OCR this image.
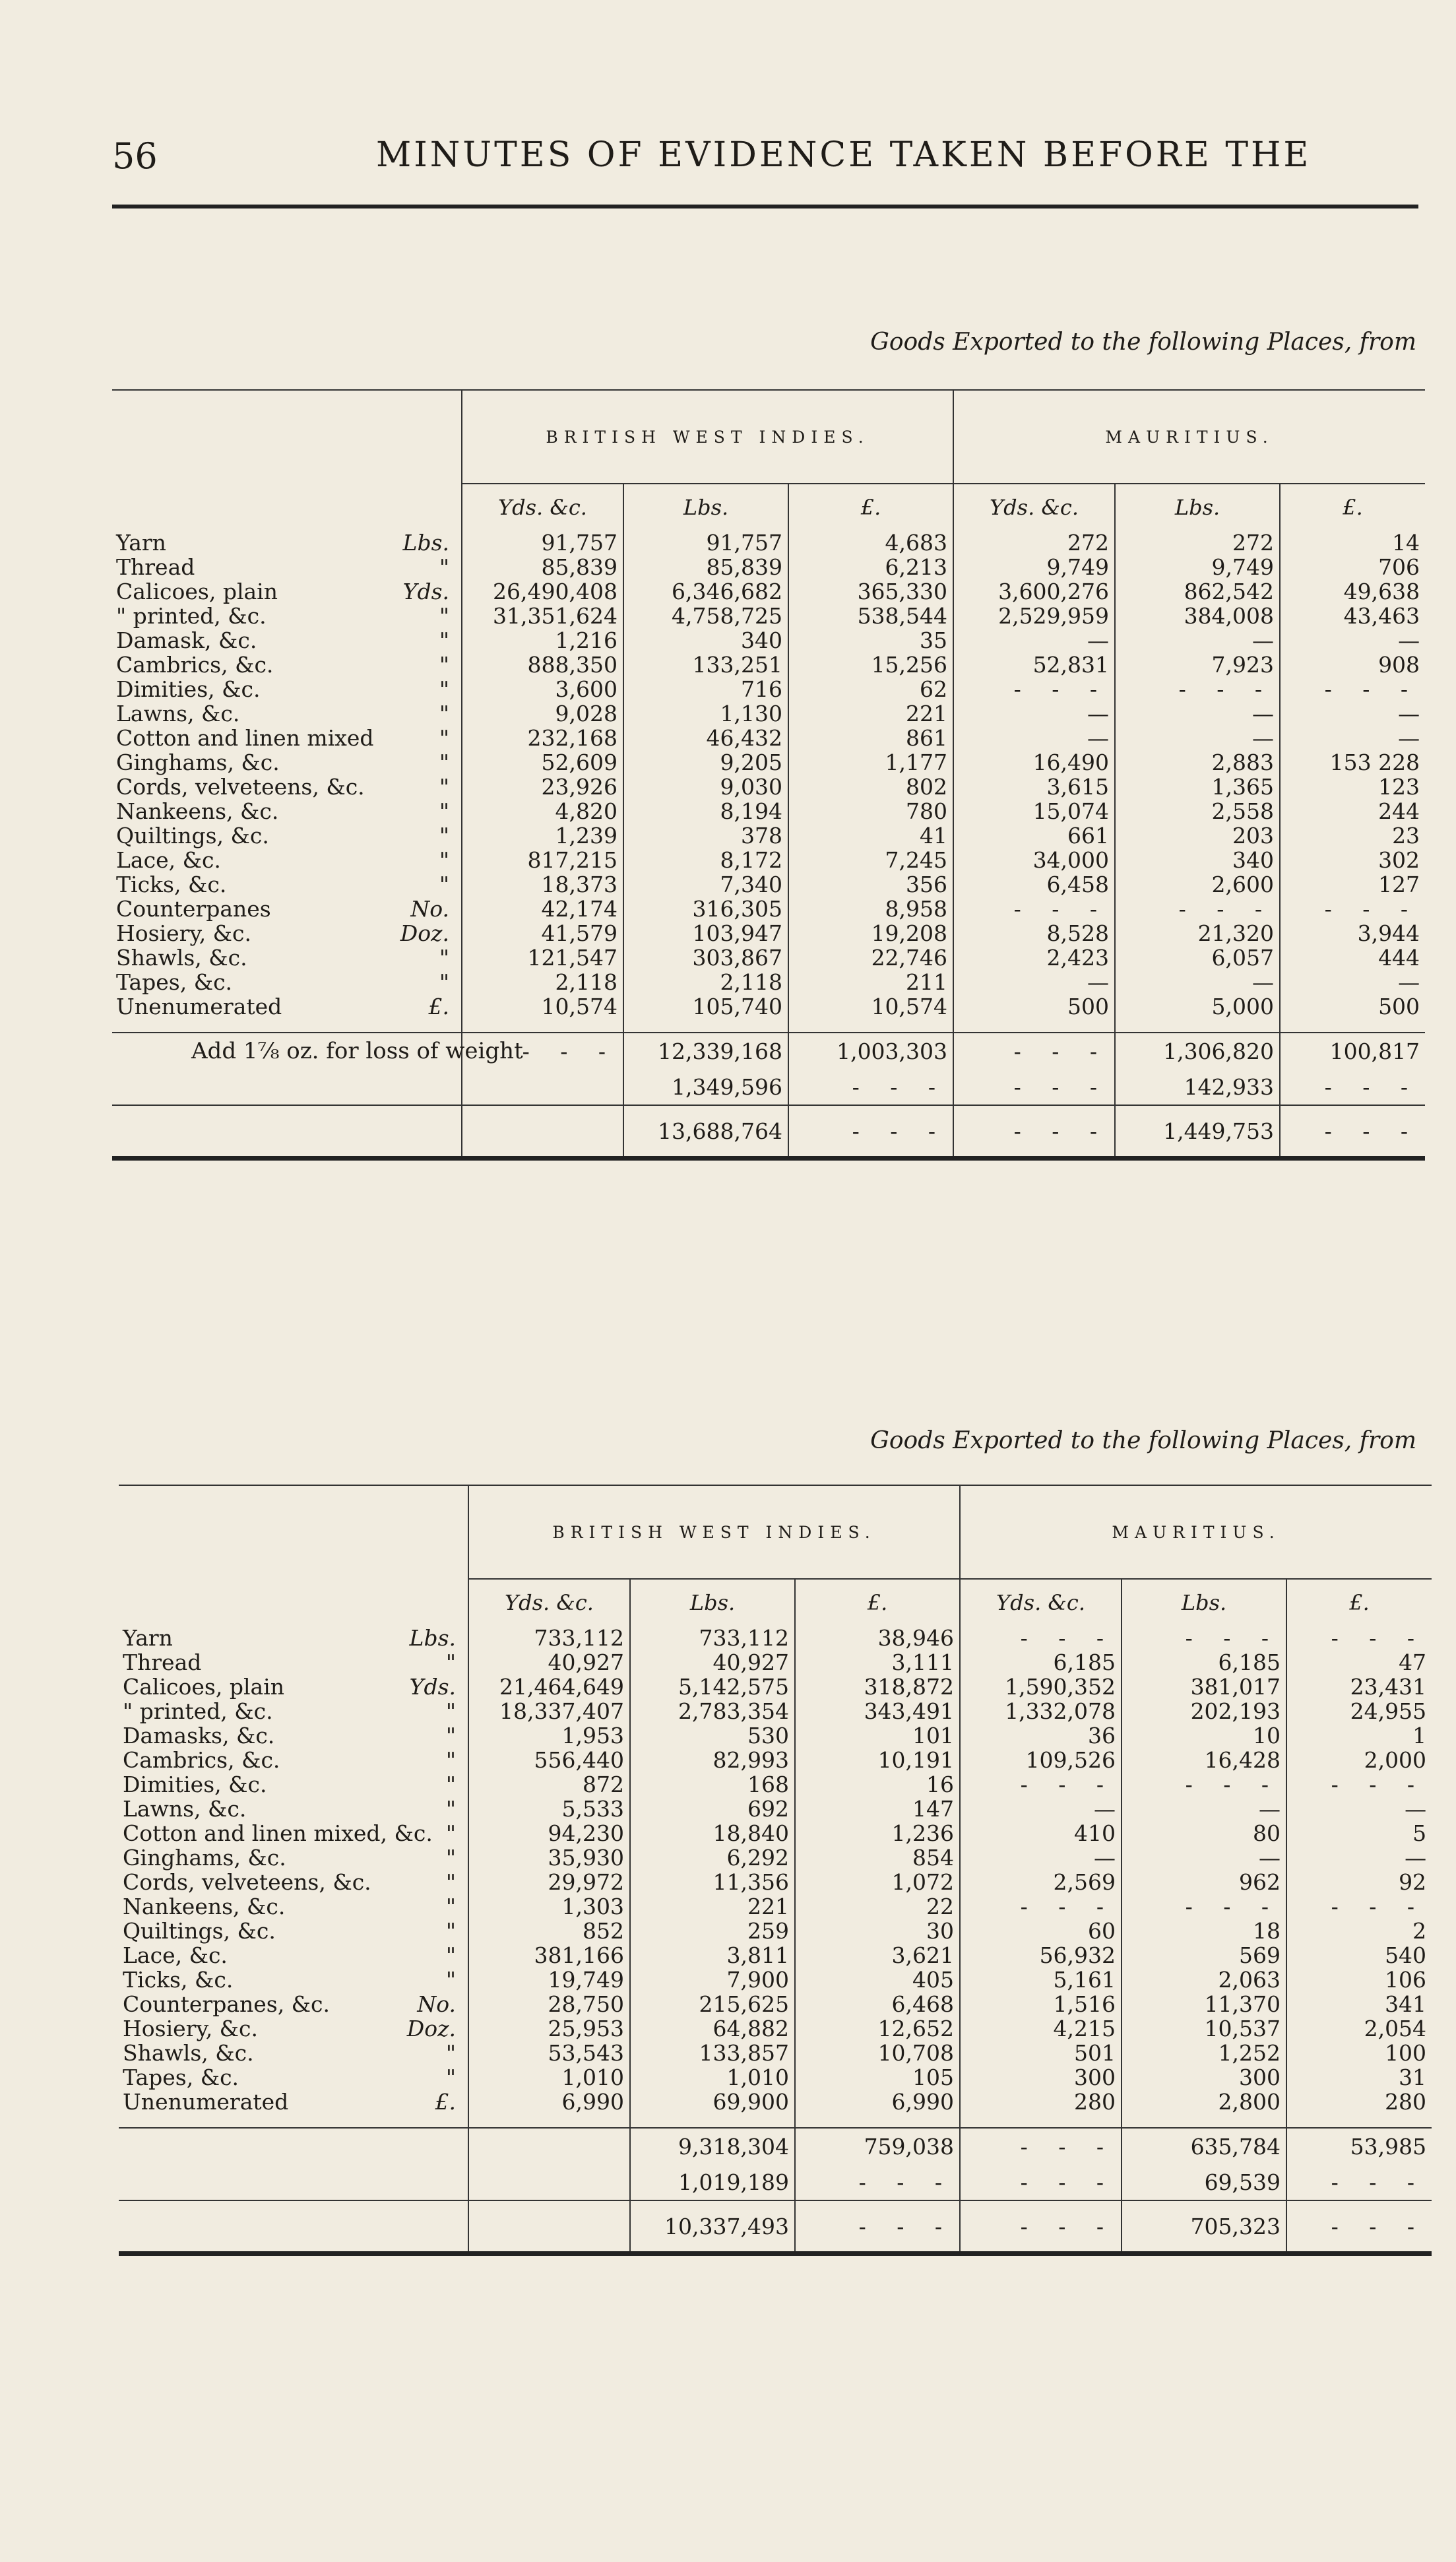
56	MINUTES OF EVIDENCE TAKEN BEFORE THE
Goods Exported to the following Places, from
	BRITISH WEST INDIES.			MAURITIUS.		
	Yds. &c.	Lbs.	£.	Yds. &c.	Lbs.	£.
Yarn Lbs.	91,757	91,757	4,683	272	272	14
Thread "	85,839	85,839	6,213	9,749	9,749	706
Calicoes, plain Yds.	26,490,408	6,346,682	365,330	3,600,276	862,542	49,638
" printed, &c. "	31,351,624	4,758,725	538,544	2,529,959	384,008	43,463
Damask, &c. "	1,216	340	35	—	—	—
Cambrics, &c. "	888,350	133,251	15,256	52,831	7,923	908
Dimities, &c. "	3,600	716	62	- - -	- - -	- - -
Lawns, &c. "	9,028	1,130	221	—	—	—
Cotton and linen mixed "	232,168	46,432	861	—	—	—
Ginghams, &c. "	52,609	9,205	1,177	16,490	2,883	153 228
Cords, velveteens, &c. "	23,926	9,030	802	3,615	1,365	123
Nankeens, &c. "	4,820	8,194	780	15,074	2,558	244
Quiltings, &c. "	1,239	378	41	661	203	23
Lace, &c. "	817,215	8,172	7,245	34,000	340	302
Ticks, &c. "	18,373	7,340	356	6,458	2,600	127
Counterpanes No.	42,174	316,305	8,958	- - -	- - -	- - -
Hosiery, &c. Doz.	41,579	103,947	19,208	8,528	21,320	3,944
Shawls, &c. "	121,547	303,867	22,746	2,423	6,057	444
Tapes, &c. "	2,118	2,118	211	—	—	—
Unenumerated £.	10,574	105,740	10,574	500	5,000	500

Add 1⅞ oz. for loss of weight	- - -	12,339,168	1,003,303	- - -	1,306,820	100,817
		1,349,596	- - -	- - -	142,933	- - -
		13,688,764	- - -	- - -	1,449,753	- - -
Goods Exported to the following Places, from
	BRITISH WEST INDIES.			MAURITIUS.		
	Yds. &c.	Lbs.	£.	Yds. &c.	Lbs.	£.
Yarn Lbs.	733,112	733,112	38,946	- - -	- - -	- - -
Thread "	40,927	40,927	3,111	6,185	6,185	47
Calicoes, plain Yds.	21,464,649	5,142,575	318,872	1,590,352	381,017	23,431
" printed, &c. "	18,337,407	2,783,354	343,491	1,332,078	202,193	24,955
Damasks, &c. "	1,953	530	101	36	10	1
Cambrics, &c. "	556,440	82,993	10,191	109,526	16,428	2,000
Dimities, &c. "	872	168	16	- - -	- - -	- - -
Lawns, &c. "	5,533	692	147	—	—	—
Cotton and linen mixed, &c. "	94,230	18,840	1,236	410	80	5
Ginghams, &c. "	35,930	6,292	854	—	—	—
Cords, velveteens, &c. "	29,972	11,356	1,072	2,569	962	92
Nankeens, &c. "	1,303	221	22	- - -	- - -	- - -
Quiltings, &c. "	852	259	30	60	18	2
Lace, &c. "	381,166	3,811	3,621	56,932	569	540
Ticks, &c. "	19,749	7,900	405	5,161	2,063	106
Counterpanes, &c. No.	28,750	215,625	6,468	1,516	11,370	341
Hosiery, &c. Doz.	25,953	64,882	12,652	4,215	10,537	2,054
Shawls, &c. "	53,543	133,857	10,708	501	1,252	100
Tapes, &c. "	1,010	1,010	105	300	300	31
Unenumerated £.	6,990	69,900	6,990	280	2,800	280

		9,318,304	759,038	- - -	635,784	53,985
		1,019,189	- - -	- - -	69,539	- - -
		10,337,493	- - -	- - -	705,323	- - -
